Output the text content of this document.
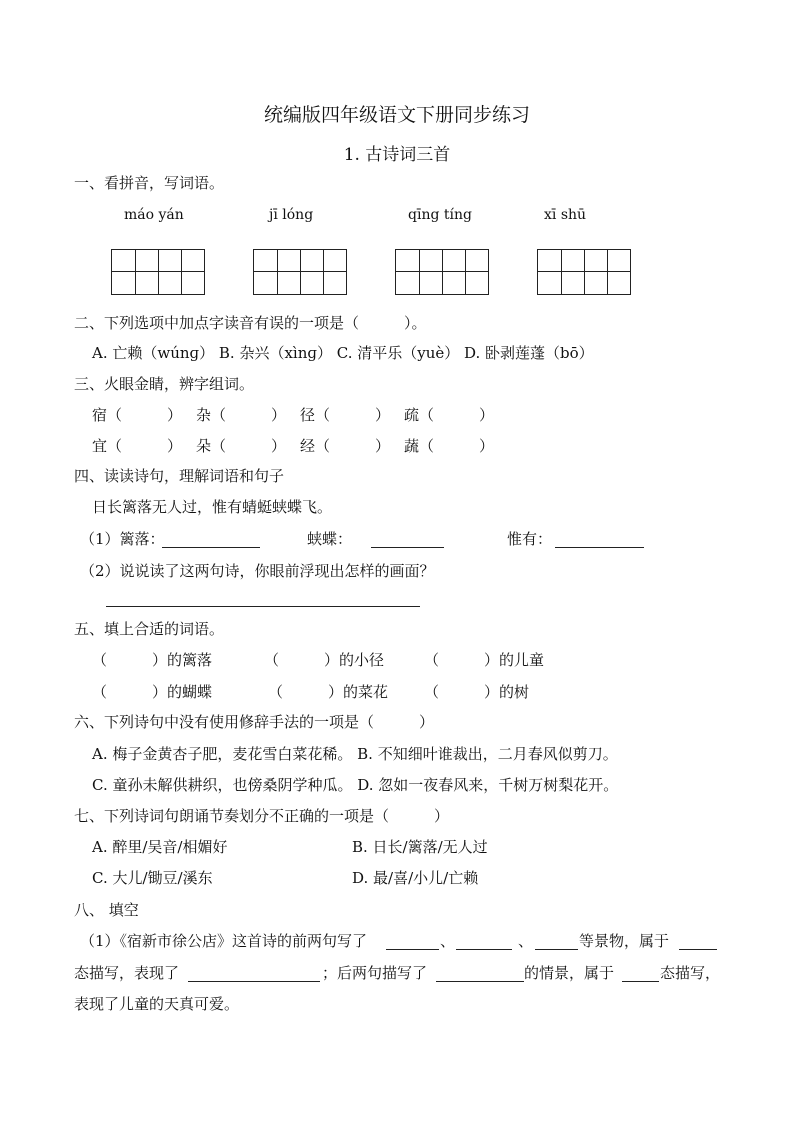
统编版四年级语文下册同步练习
1. 古诗词三首
一、看拼音，写词语。
máo yán	jī lóng	qīng tíng	xī shū
二、下列选项中加点字读音有误的一项是（　　　）。
A. 亡赖（wúnɡ） B. 杂兴（xìnɡ） C. 清平乐（yuè） D. 卧剥莲蓬（bō）
三、火眼金睛，辨字组词。
宿（　　　） 杂（　　　） 径（　　　） 疏（　　　）
宜（　　　） 朵（　　　） 经（　　　） 蔬（　　　）
四、读读诗句，理解词语和句子
日长篱落无人过，惟有蜻蜓蛱蝶飞。
（1）篱落：	蛱蝶：	惟有：
（2）说说读了这两句诗，你眼前浮现出怎样的画面？
五、填上合适的词语。
（　　　）的篱落	（　　　）的小径	（　　　）的儿童
（　　　）的蝴蝶	（　　　）的菜花 （　　　）的树
六、下列诗句中没有使用修辞手法的一项是（　　　）
A. 梅子金黄杏子肥，麦花雪白菜花稀。 B. 不知细叶谁裁出，二月春风似剪刀。
C. 童孙未解供耕织，也傍桑阴学种瓜。 D. 忽如一夜春风来，千树万树梨花开。
七、下列诗词句朗诵节奏划分不正确的一项是（　　　）
A. 醉里/吴音/相媚好	B. 日长/篱落/无人过
C. 大儿/锄豆/溪东	D. 最/喜/小儿/亡赖
八、 填空
（1）《宿新市徐公店》这首诗的前两句写了	、	、	等景物，属于
态描写，表现了	；后两句描写了	的情景，属于	态描写，
表现了儿童的天真可爱。
